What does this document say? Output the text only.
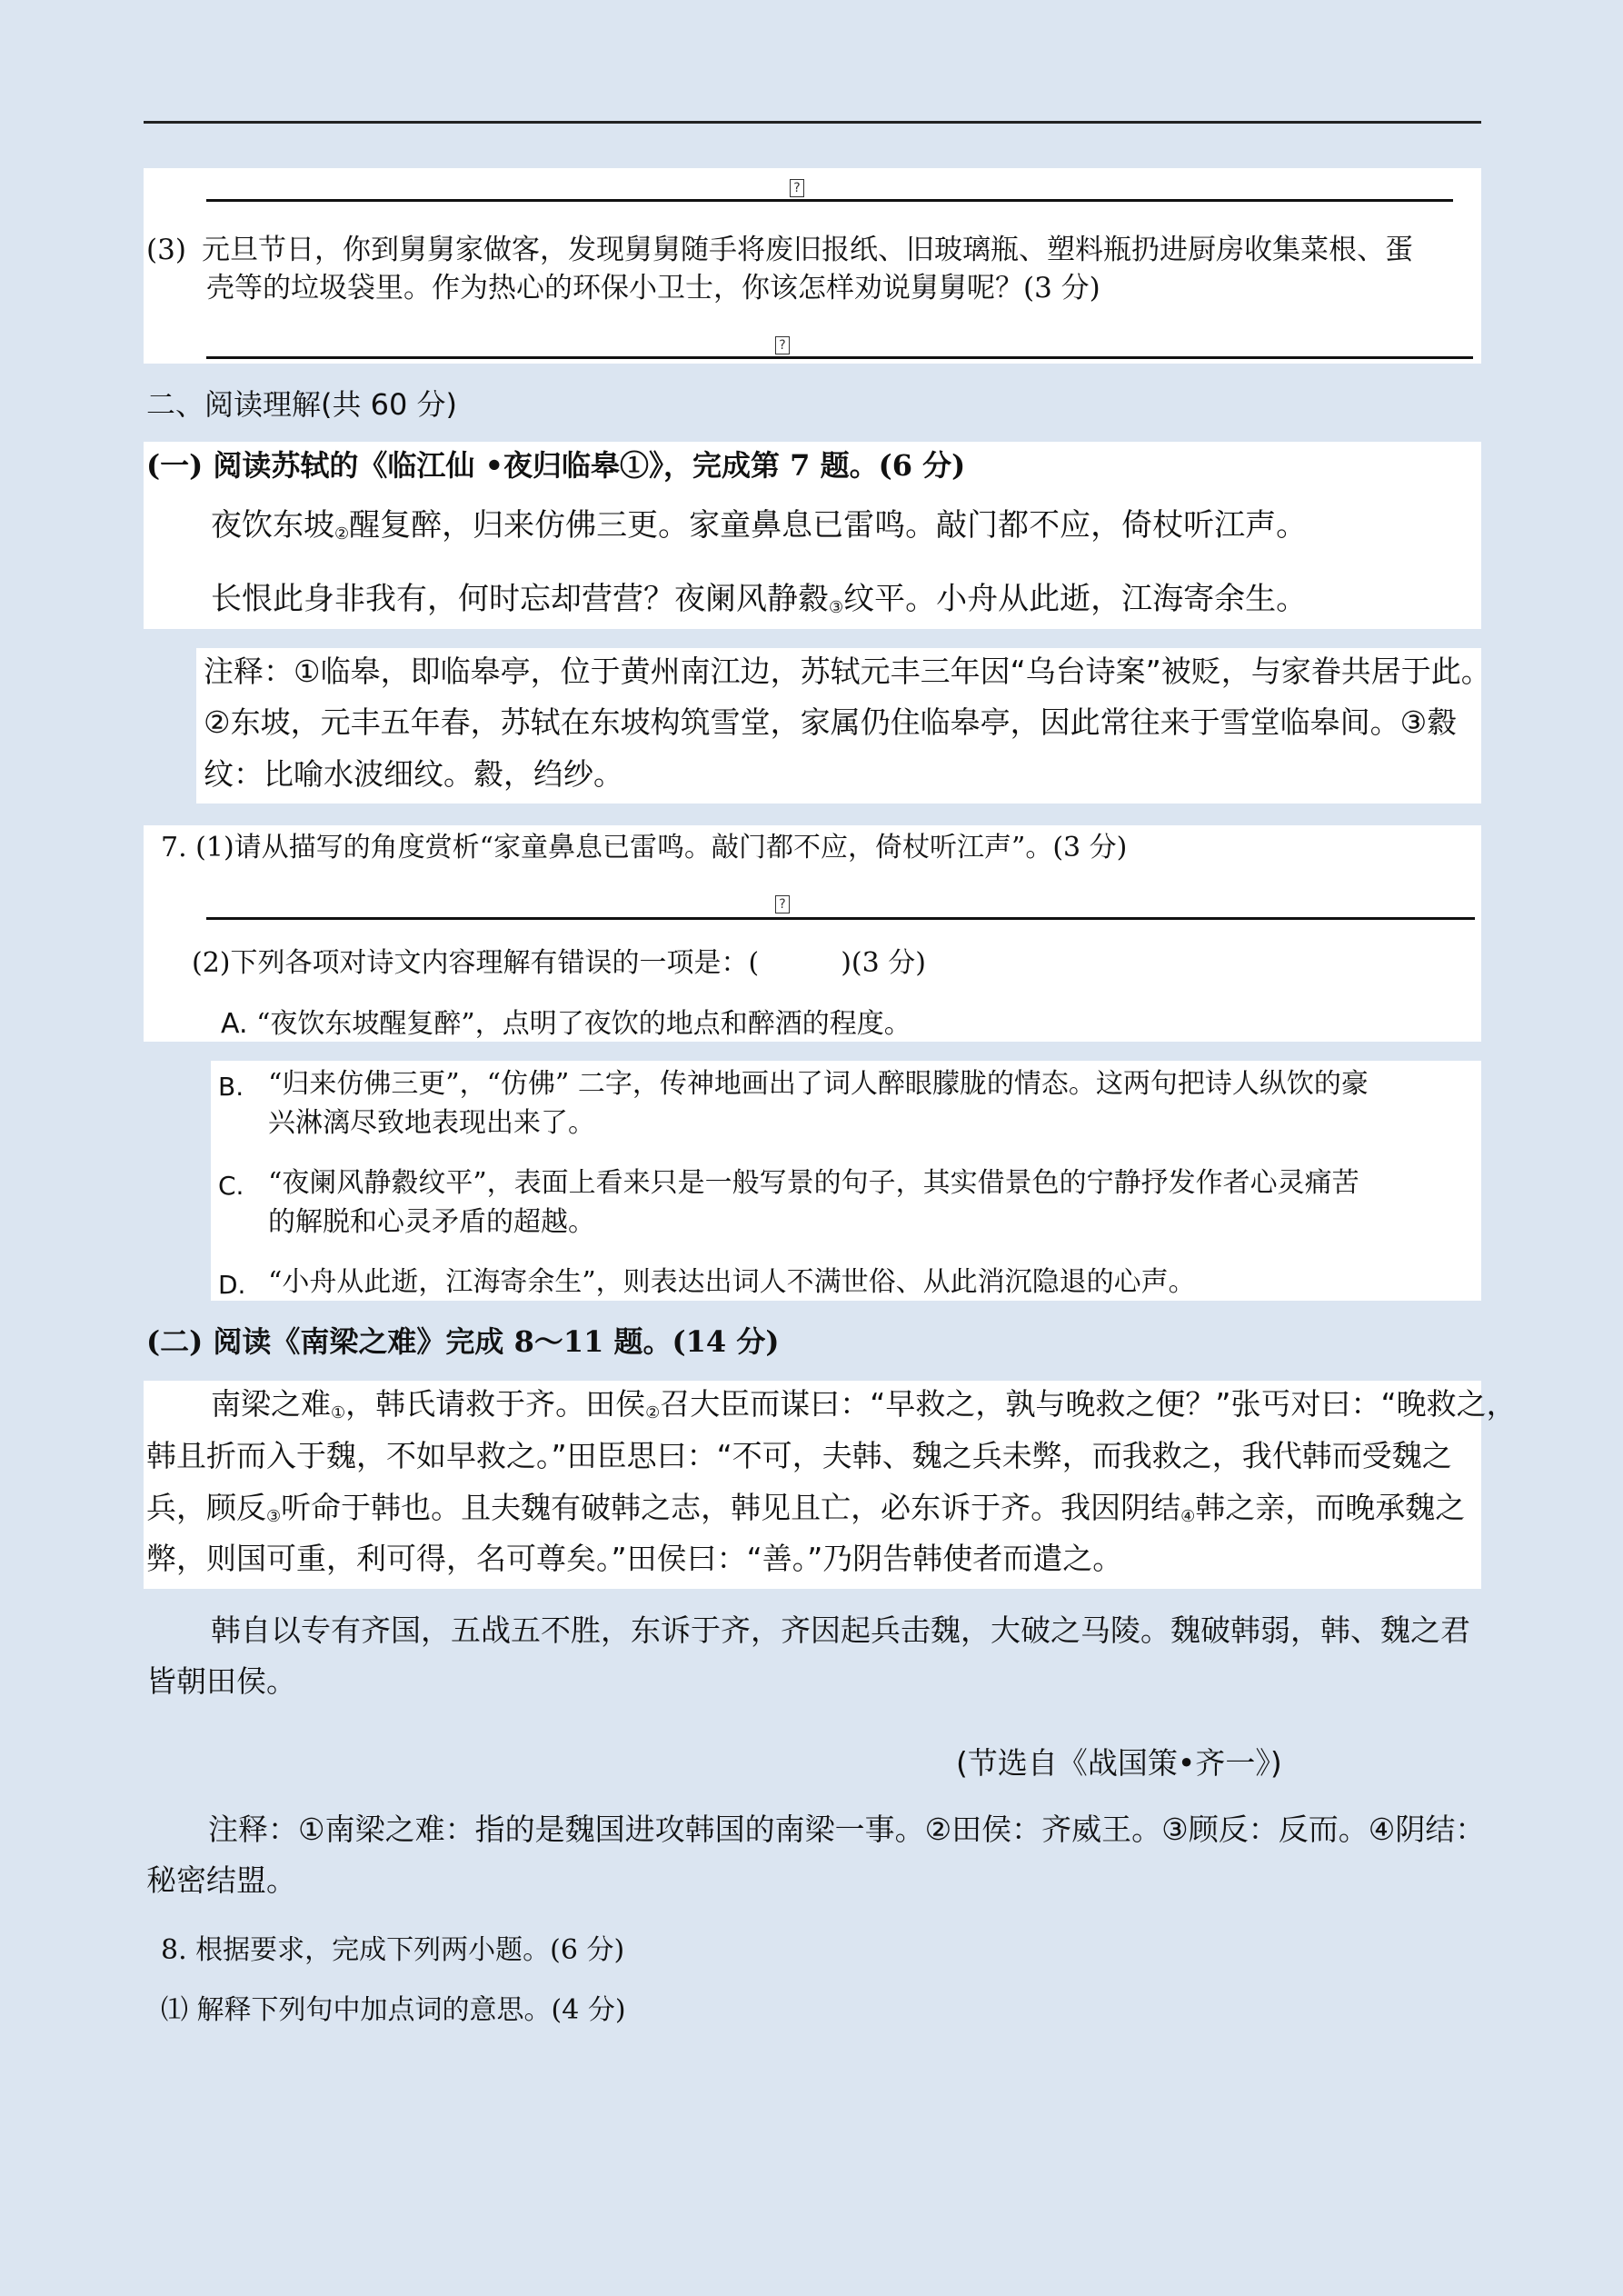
?
(3) 元旦节日，你到舅舅家做客，发现舅舅随手将废旧报纸、旧玻璃瓶、塑料瓶扔进厨房收集菜根、蛋
壳等的垃圾袋里。作为热心的环保小卫士，你该怎样劝说舅舅呢？(3 分)
?
二、阅读理解(共 60 分)
(一) 阅读苏轼的《临江仙 •夜归临皋①》，完成第 7 题。(6 分)
夜饮东坡$_②$醒复醉，归来仿佛三更。家童鼻息已雷鸣。敲门都不应，倚杖听江声。
长恨此身非我有，何时忘却营营？夜阑风静縠$_③$纹平。小舟从此逝，江海寄余生。
注释：①临皋，即临皋亭，位于黄州南江边，苏轼元丰三年因“乌台诗案”被贬，与家眷共居于此。
②东坡，元丰五年春，苏轼在东坡构筑雪堂，家属仍住临皋亭，因此常往来于雪堂临皋间。③縠
纹：比喻水波细纹。縠，绉纱。
7. (1)请从描写的角度赏析“家童鼻息已雷鸣。敲门都不应，倚杖听江声”。(3 分)
?
(2)下列各项对诗文内容理解有错误的一项是：(　　　)(3 分)
A. “夜饮东坡醒复醉”，点明了夜饮的地点和醉酒的程度。
B. “归来仿佛三更”，“仿佛” 二字，传神地画出了词人醉眼朦胧的情态。这两句把诗人纵饮的豪
兴淋漓尽致地表现出来了。
C. “夜阑风静縠纹平”，表面上看来只是一般写景的句子，其实借景色的宁静抒发作者心灵痛苦
的解脱和心灵矛盾的超越。
D. “小舟从此逝，江海寄余生”，则表达出词人不满世俗、从此消沉隐退的心声。
(二) 阅读《南梁之难》完成 8～11 题。(14 分)
南梁之难$_①$，韩氏请救于齐。田侯$_②$召大臣而谋曰：“早救之，孰与晚救之便？”张丐对曰：“晚救之，
韩且折而入于魏，不如早救之。”田臣思曰：“不可，夫韩、魏之兵未弊，而我救之，我代韩而受魏之
兵，顾反$_③$听命于韩也。且夫魏有破韩之志，韩见且亡，必东诉于齐。我因阴结$_④$韩之亲，而晚承魏之
弊，则国可重，利可得，名可尊矣。”田侯曰：“善。”乃阴告韩使者而遣之。
韩自以专有齐国，五战五不胜，东诉于齐，齐因起兵击魏，大破之马陵。魏破韩弱，韩、魏之君
皆朝田侯。
(节选自《战国策•齐一》)
注释：①南梁之难：指的是魏国进攻韩国的南梁一事。②田侯：齐威王。③顾反：反而。④阴结：
秘密结盟。
8. 根据要求，完成下列两小题。(6 分)
⑴ 解释下列句中加点词的意思。(4 分)
